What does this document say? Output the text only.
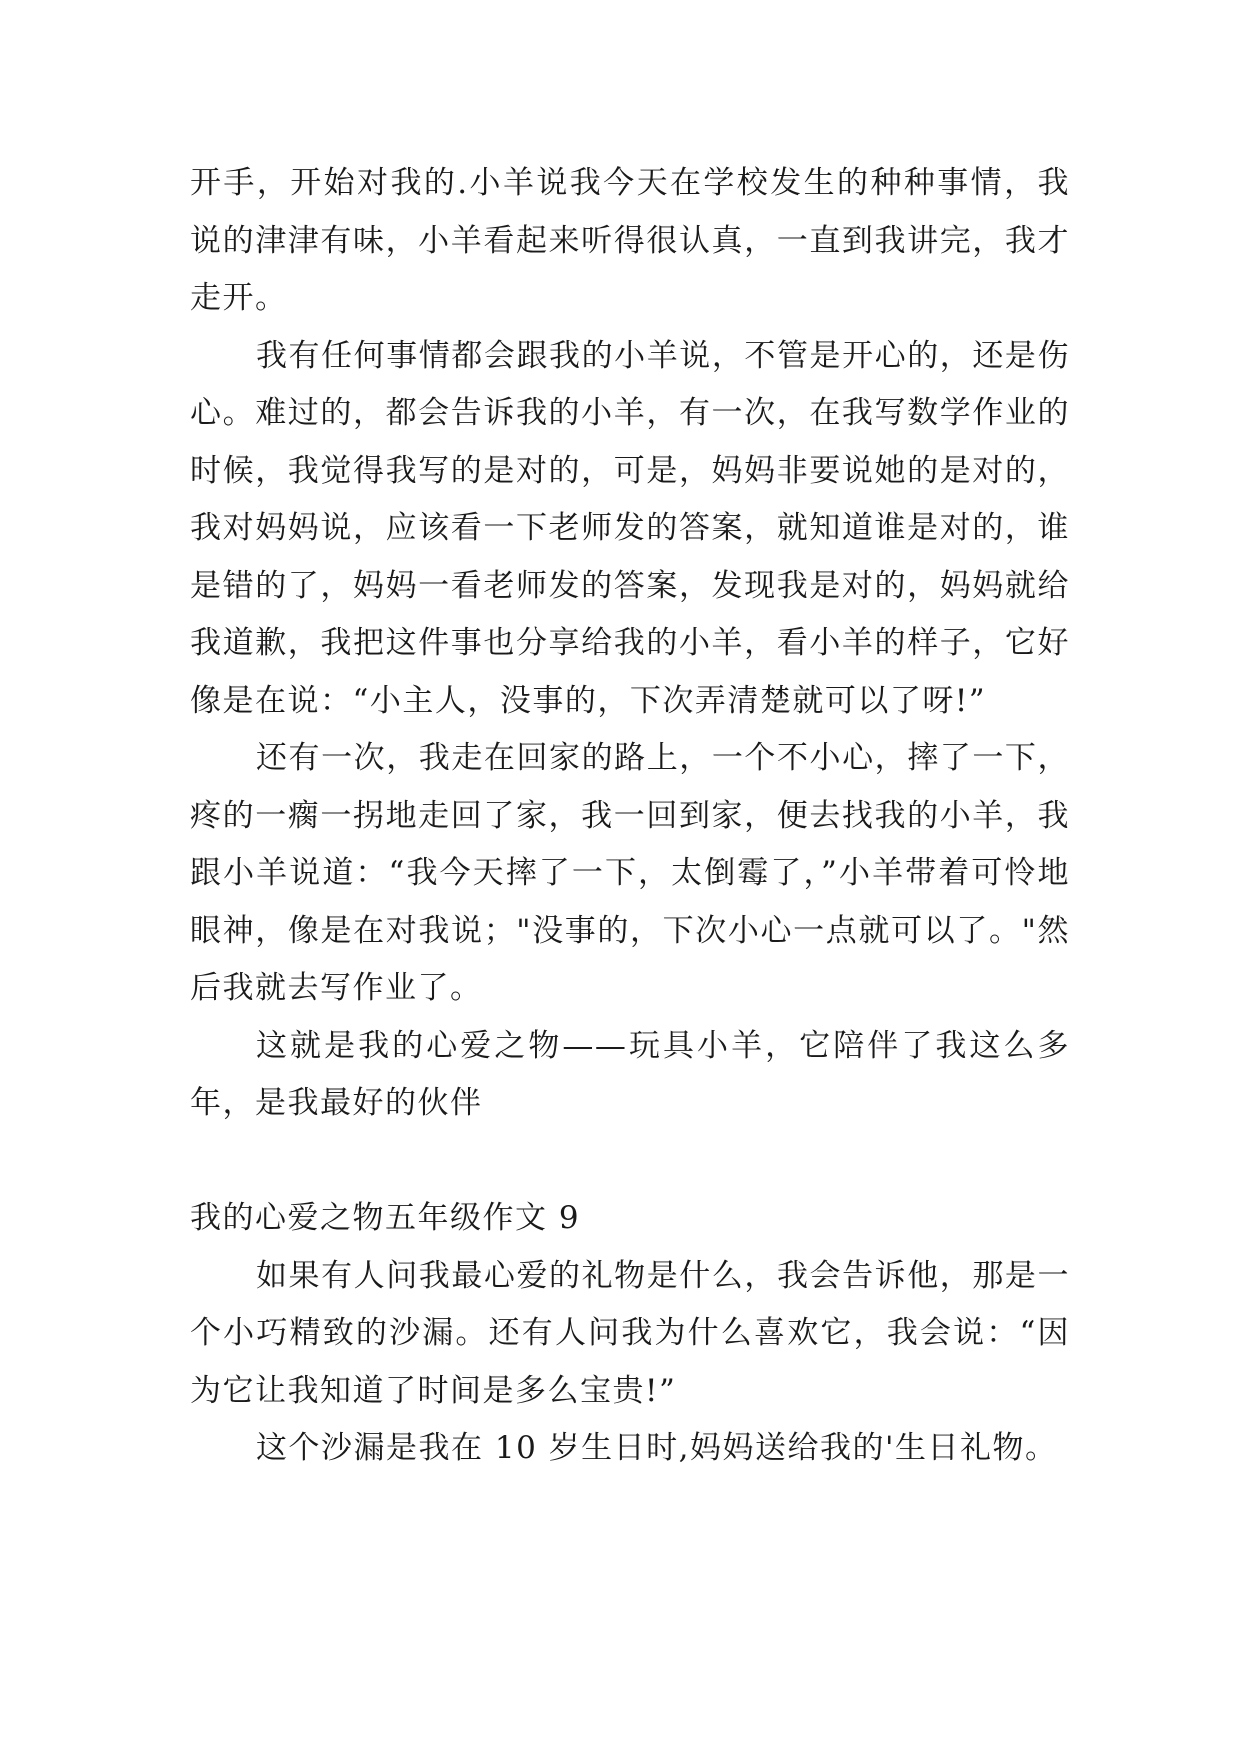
开手，开始对我的.小羊说我今天在学校发生的种种事情，我说的津津有味，小羊看起来听得很认真，一直到我讲完，我才走开。

我有任何事情都会跟我的小羊说，不管是开心的，还是伤心。难过的，都会告诉我的小羊，有一次，在我写数学作业的时候，我觉得我写的是对的，可是，妈妈非要说她的是对的，我对妈妈说，应该看一下老师发的答案，就知道谁是对的，谁是错的了，妈妈一看老师发的答案，发现我是对的，妈妈就给我道歉，我把这件事也分享给我的小羊，看小羊的样子，它好像是在说：“小主人，没事的，下次弄清楚就可以了呀!”

还有一次，我走在回家的路上，一个不小心，摔了一下，疼的一瘸一拐地走回了家，我一回到家，便去找我的小羊，我跟小羊说道：“我今天摔了一下，太倒霉了，”小羊带着可怜地眼神，像是在对我说；"没事的，下次小心一点就可以了。"然后我就去写作业了。

这就是我的心爱之物——玩具小羊，它陪伴了我这么多年，是我最好的伙伴

我的心爱之物五年级作文 9

如果有人问我最心爱的礼物是什么，我会告诉他，那是一个小巧精致的沙漏。还有人问我为什么喜欢它，我会说：“因为它让我知道了时间是多么宝贵!”

这个沙漏是我在 10 岁生日时,妈妈送给我的'生日礼物。
